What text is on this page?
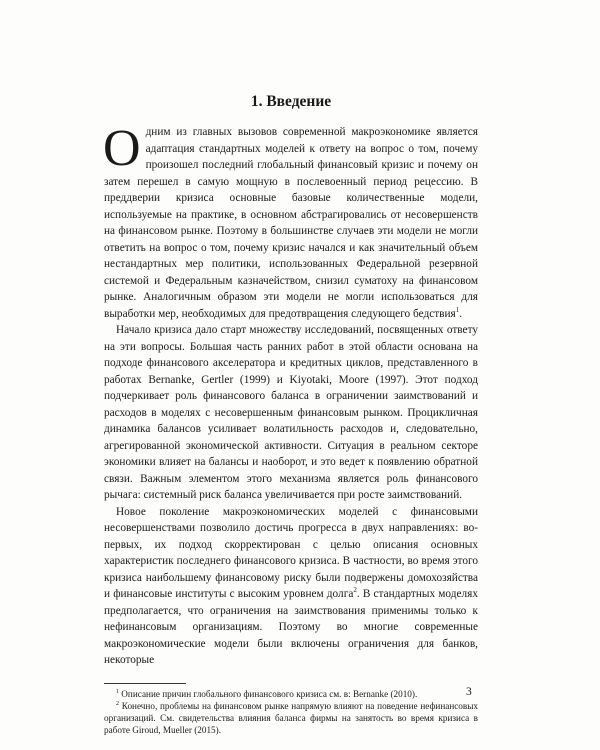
1. Введение

Одним из главных вызовов современной макроэкономике является адаптация стандартных моделей к ответу на вопрос о том, почему произошел последний глобальный финансовый кризис и почему он затем перешел в самую мощную в послевоенный период рецессию. В преддверии кризиса основные базовые количественные модели, используемые на практике, в основном абстрагировались от несовершенств на финансовом рынке. Поэтому в большинстве случаев эти модели не могли ответить на вопрос о том, почему кризис начался и как значительный объем нестандартных мер политики, использованных Федеральной резервной системой и Федеральным казначейством, снизил суматоху на финансовом рынке. Аналогичным образом эти модели не могли использоваться для выработки мер, необходимых для предотвращения следующего бедствия$^1$.

Начало кризиса дало старт множеству исследований, посвященных ответу на эти вопросы. Большая часть ранних работ в этой области основана на подходе финансового акселератора и кредитных циклов, представленного в работах Bernanke, Gertler (1999) и Kiyotaki, Moore (1997). Этот подход подчеркивает роль финансового баланса в ограничении заимствований и расходов в моделях с несовершенным финансовым рынком. Процикличная динамика балансов усиливает волатильность расходов и, следовательно, агрегированной экономической активности. Ситуация в реальном секторе экономики влияет на балансы и наоборот, и это ведет к появлению обратной связи. Важным элементом этого механизма является роль финансового рычага: системный риск баланса увеличивается при росте заимствований.

Новое поколение макроэкономических моделей с финансовыми несовершенствами позволило достичь прогресса в двух направлениях: во-первых, их подход скорректирован с целью описания основных характеристик последнего финансового кризиса. В частности, во время этого кризиса наибольшему финансовому риску были подвержены домохозяйства и финансовые институты с высоким уровнем долга$^2$. В стандартных моделях предполагается, что ограничения на заимствования применимы только к нефинансовым организациям. Поэтому во многие современные макроэкономические модели были включены ограничения для банков, некоторые

$^1$ Описание причин глобального финансового кризиса см. в: Bernanke (2010).

$^2$ Конечно, проблемы на финансовом рынке напрямую влияют на поведение нефинансовых организаций. См. свидетельства влияния баланса фирмы на занятость во время кризиса в работе Giroud, Mueller (2015).

3
